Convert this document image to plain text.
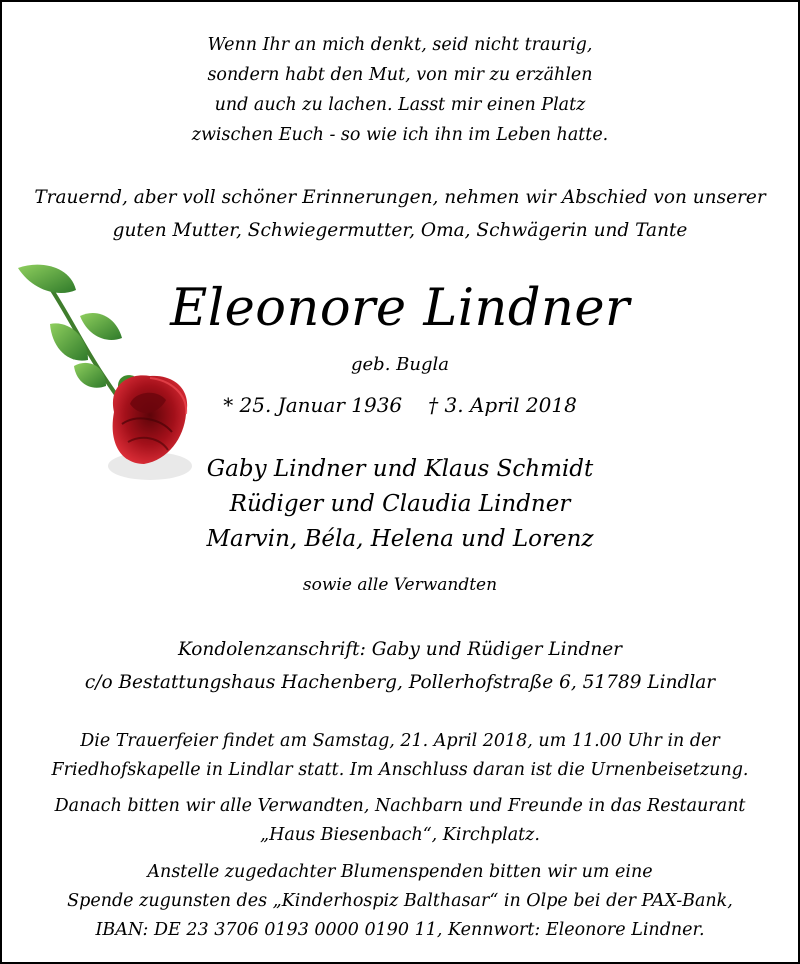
Wenn Ihr an mich denkt, seid nicht traurig,
sondern habt den Mut, von mir zu erzählen
und auch zu lachen. Lasst mir einen Platz
zwischen Euch - so wie ich ihn im Leben hatte.
Trauernd, aber voll schöner Erinnerungen, nehmen wir Abschied von unserer
guten Mutter, Schwiegermutter, Oma, Schwägerin und Tante
Eleonore Lindner
geb. Bugla
* 25. Januar 1936 † 3. April 2018
Gaby Lindner und Klaus Schmidt
Rüdiger und Claudia Lindner
Marvin, Béla, Helena und Lorenz
sowie alle Verwandten
Kondolenzanschrift: Gaby und Rüdiger Lindner
c/o Bestattungshaus Hachenberg, Pollerhofstraße 6, 51789 Lindlar
Die Trauerfeier findet am Samstag, 21. April 2018, um 11.00 Uhr in der
Friedhofskapelle in Lindlar statt. Im Anschluss daran ist die Urnenbeisetzung.
Danach bitten wir alle Verwandten, Nachbarn und Freunde in das Restaurant
„Haus Biesenbach“, Kirchplatz.
Anstelle zugedachter Blumenspenden bitten wir um eine
Spende zugunsten des „Kinderhospiz Balthasar“ in Olpe bei der PAX-Bank,
IBAN: DE 23 3706 0193 0000 0190 11, Kennwort: Eleonore Lindner.
